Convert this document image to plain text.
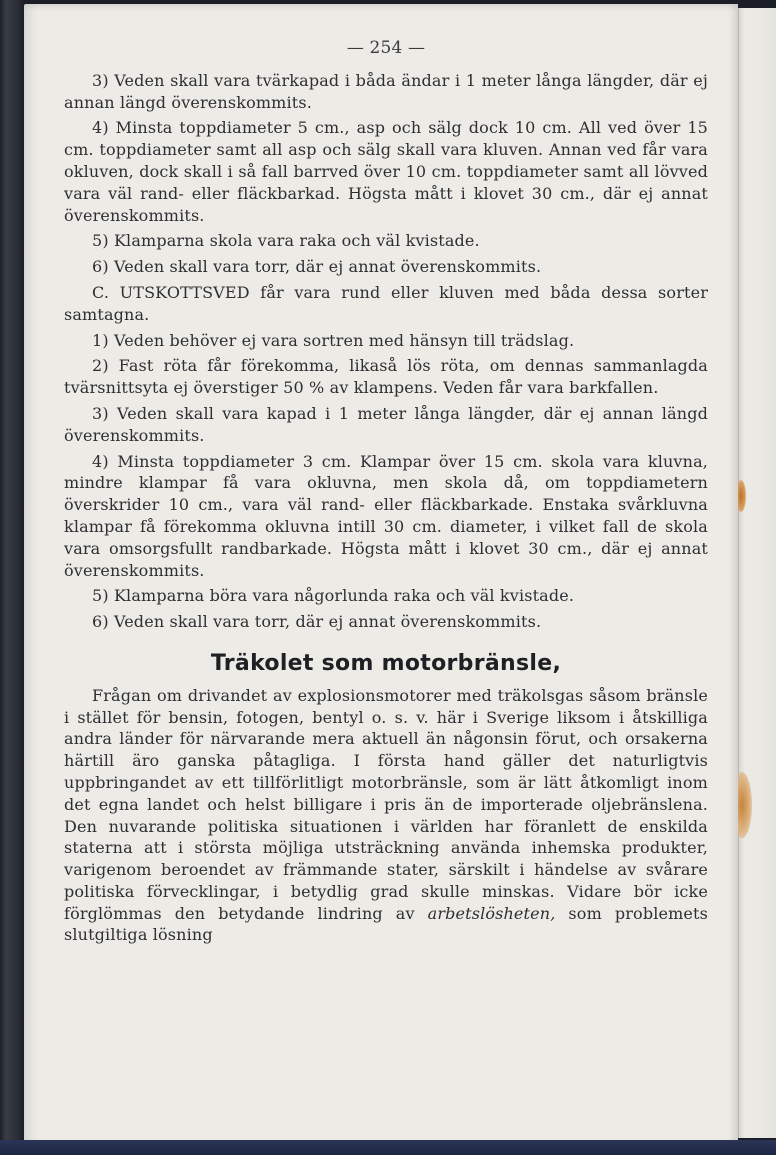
— 254 —

3) Veden skall vara tvärkapad i båda ändar i 1 meter långa längder, där ej annan längd överenskommits.

4) Minsta toppdiameter 5 cm., asp och sälg dock 10 cm. All ved över 15 cm. toppdiameter samt all asp och sälg skall vara kluven. Annan ved får vara okluven, dock skall i så fall barrved över 10 cm. toppdiameter samt all lövved vara väl rand- eller fläckbarkad. Högsta mått i klovet 30 cm., där ej annat överenskommits.

5) Klamparna skola vara raka och väl kvistade.

6) Veden skall vara torr, där ej annat överenskommits.

C. UTSKOTTSVED får vara rund eller kluven med båda dessa sorter samtagna.

1) Veden behöver ej vara sortren med hänsyn till trädslag.

2) Fast röta får förekomma, likaså lös röta, om dennas sammanlagda tvärsnittsyta ej överstiger 50 % av klampens. Veden får vara barkfallen.

3) Veden skall vara kapad i 1 meter långa längder, där ej annan längd överenskommits.

4) Minsta toppdiameter 3 cm. Klampar över 15 cm. skola vara kluvna, mindre klampar få vara okluvna, men skola då, om toppdiametern överskrider 10 cm., vara väl rand- eller fläckbarkade. Enstaka svårkluvna klampar få förekomma okluvna intill 30 cm. diameter, i vilket fall de skola vara omsorgsfullt randbarkade. Högsta mått i klovet 30 cm., där ej annat överenskommits.

5) Klamparna böra vara någorlunda raka och väl kvistade.

6) Veden skall vara torr, där ej annat överenskommits.

Träkolet som motorbränsle,

Frågan om drivandet av explosionsmotorer med träkolsgas såsom bränsle i stället för bensin, fotogen, bentyl o. s. v. här i Sverige liksom i åtskilliga andra länder för närvarande mera aktuell än någonsin förut, och orsakerna härtill äro ganska påtagliga. I första hand gäller det naturligtvis uppbringandet av ett tillförlitligt motorbränsle, som är lätt åtkomligt inom det egna landet och helst billigare i pris än de importerade oljebränslena. Den nuvarande politiska situationen i världen har föranlett de enskilda staterna att i största möjliga utsträckning använda inhemska produkter, varigenom beroendet av främmande stater, särskilt i händelse av svårare politiska förvecklingar, i betydlig grad skulle minskas. Vidare bör icke förglömmas den betydande lindring av arbetslösheten, som problemets slutgiltiga lösning
